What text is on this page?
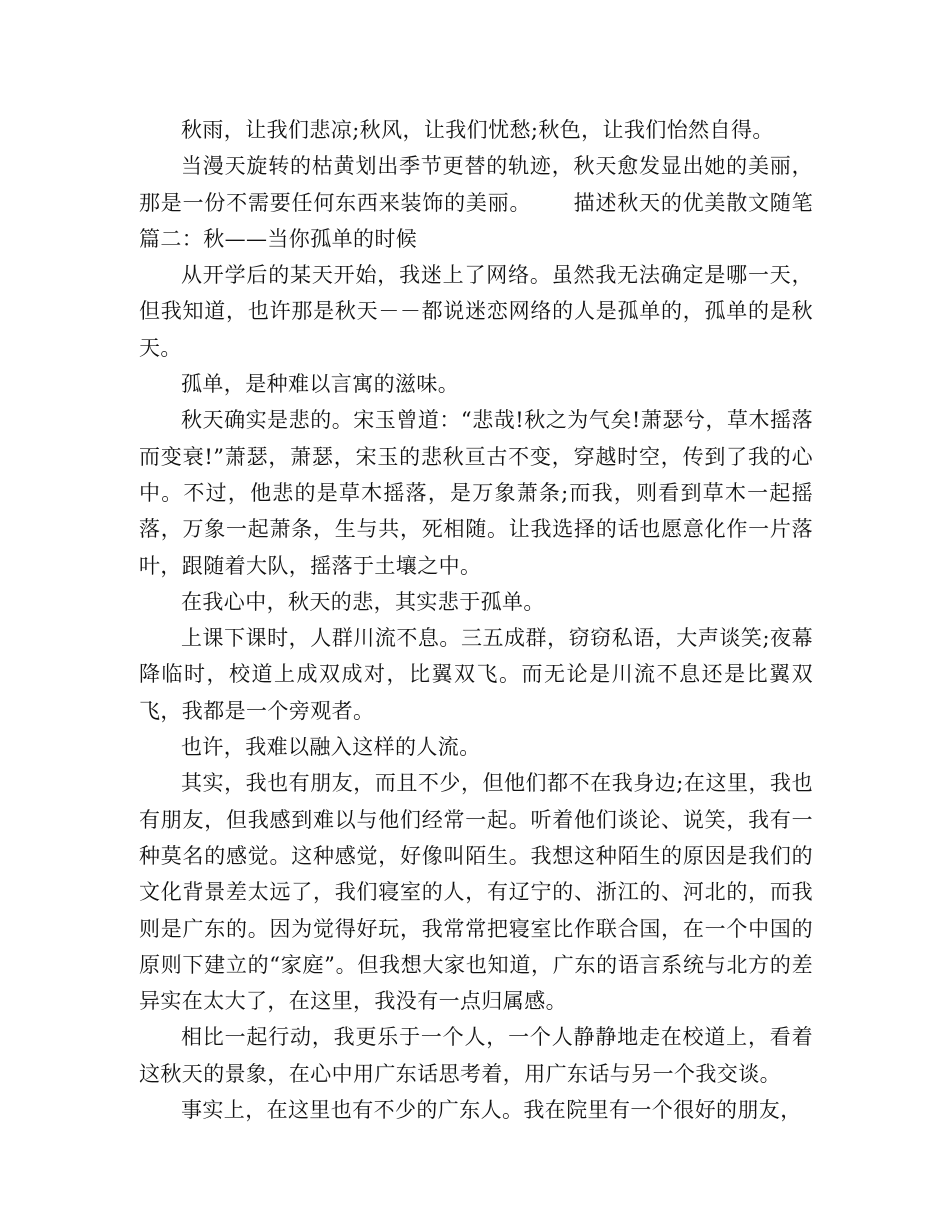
秋雨，让我们悲凉;秋风，让我们忧愁;秋色，让我们怡然自得。

当漫天旋转的枯黄划出季节更替的轨迹，秋天愈发显出她的美丽，那是一份不需要任何东西来装饰的美丽。 描述秋天的优美散文随笔篇二：秋——当你孤单的时候

从开学后的某天开始，我迷上了网络。虽然我无法确定是哪一天，但我知道，也许那是秋天－－都说迷恋网络的人是孤单的，孤单的是秋天。

孤单，是种难以言寓的滋味。

秋天确实是悲的。宋玉曾道：“悲哉!秋之为气矣!萧瑟兮，草木摇落而变衰!”萧瑟，萧瑟，宋玉的悲秋亘古不变，穿越时空，传到了我的心中。不过，他悲的是草木摇落，是万象萧条;而我，则看到草木一起摇落，万象一起萧条，生与共，死相随。让我选择的话也愿意化作一片落叶，跟随着大队，摇落于土壤之中。

在我心中，秋天的悲，其实悲于孤单。

上课下课时，人群川流不息。三五成群，窃窃私语，大声谈笑;夜幕降临时，校道上成双成对，比翼双飞。而无论是川流不息还是比翼双飞，我都是一个旁观者。

也许，我难以融入这样的人流。

其实，我也有朋友，而且不少，但他们都不在我身边;在这里，我也有朋友，但我感到难以与他们经常一起。听着他们谈论、说笑，我有一种莫名的感觉。这种感觉，好像叫陌生。我想这种陌生的原因是我们的文化背景差太远了，我们寝室的人，有辽宁的、浙江的、河北的，而我则是广东的。因为觉得好玩，我常常把寝室比作联合国，在一个中国的原则下建立的“家庭”。但我想大家也知道，广东的语言系统与北方的差异实在太大了，在这里，我没有一点归属感。

相比一起行动，我更乐于一个人，一个人静静地走在校道上，看着这秋天的景象，在心中用广东话思考着，用广东话与另一个我交谈。

事实上，在这里也有不少的广东人。我在院里有一个很好的朋友，
